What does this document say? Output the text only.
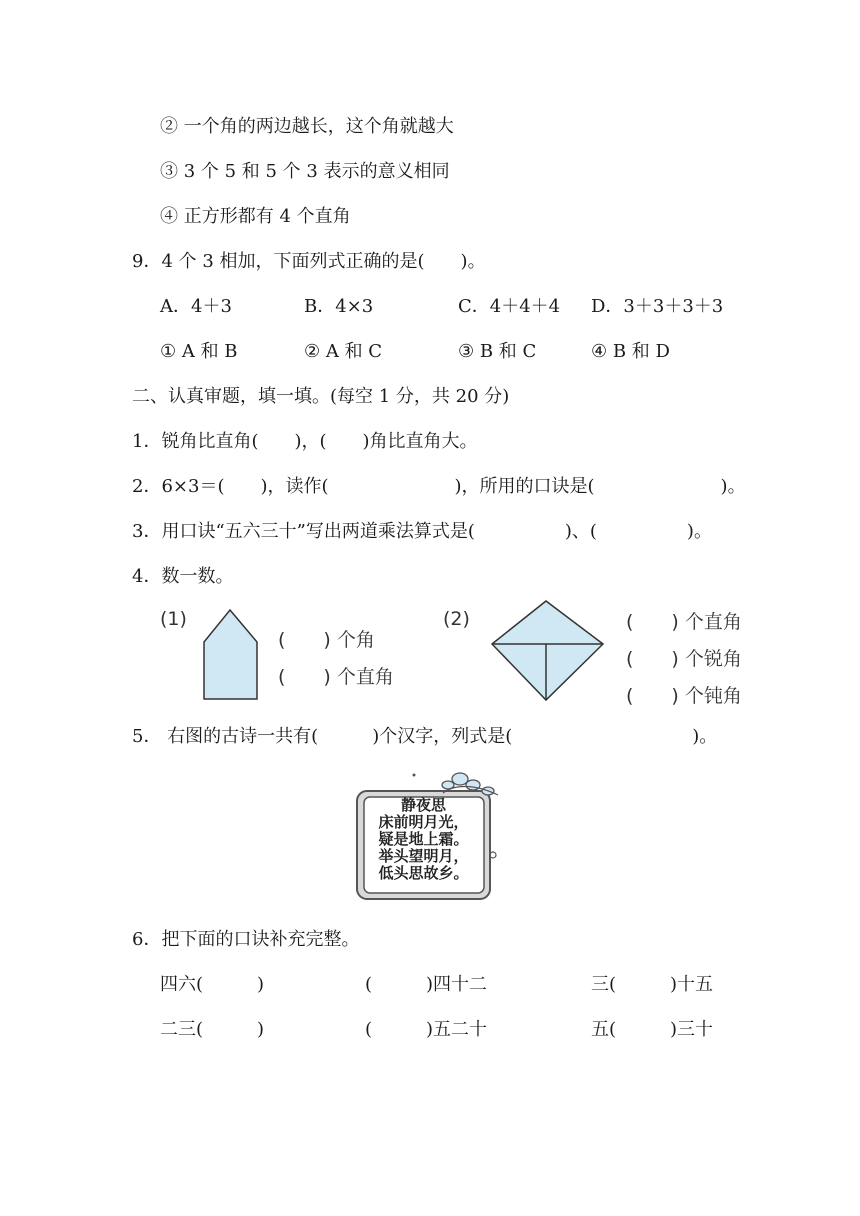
② 一个角的两边越长，这个角就越大
③ 3 个 5 和 5 个 3 表示的意义相同
④ 正方形都有 4 个直角
9．4 个 3 相加，下面列式正确的是(　　)。
A．4＋3	B．4×3	C．4＋4＋4 D．3＋3＋3＋3
① A 和 B	② A 和 C	③ B 和 C	④ B 和 D
二、认真审题，填一填。(每空 1 分，共 20 分)
1．锐角比直角(　　)，(　　)角比直角大。
2．6×3＝(　　)，读作(　　　　　　　)，所用的口诀是(　　　　　　　)。
3．用口诀“五六三十”写出两道乘法算式是(　　　　　)、(　　　　　)。
4．数一数。
(1)
(　　) 个角
(　　) 个直角
(2)	(　　) 个直角
(　　) 个锐角
(　　) 个钝角
5． 右图的古诗一共有(　　　)个汉字，列式是(　　　　　　　　　　)。
静夜思
床前明月光，
疑是地上霜。
举头望明月，
低头思故乡。
6．把下面的口诀补充完整。
四六(　　　)	(　　　)四十二	三(　　　)十五
二三(　　　)	(　　　)五二十	五(　　　)三十
